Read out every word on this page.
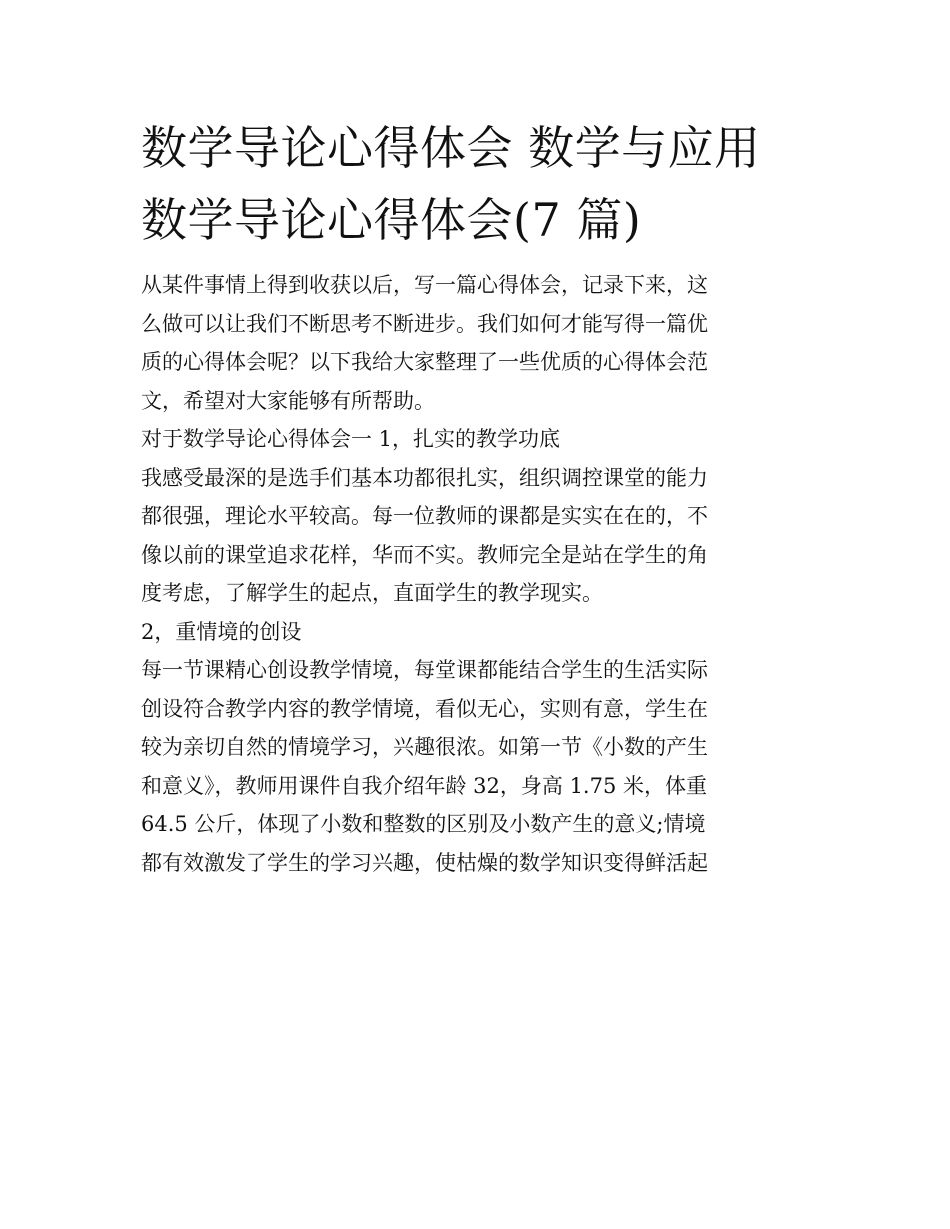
数学导论心得体会 数学与应用
数学导论心得体会(7 篇)

从某件事情上得到收获以后，写一篇心得体会，记录下来，这
么做可以让我们不断思考不断进步。我们如何才能写得一篇优
质的心得体会呢？以下我给大家整理了一些优质的心得体会范
文，希望对大家能够有所帮助。

对于数学导论心得体会一 1，扎实的教学功底

我感受最深的是选手们基本功都很扎实，组织调控课堂的能力
都很强，理论水平较高。每一位教师的课都是实实在在的，不
像以前的课堂追求花样，华而不实。教师完全是站在学生的角
度考虑，了解学生的起点，直面学生的教学现实。

2，重情境的创设

每一节课精心创设教学情境，每堂课都能结合学生的生活实际
创设符合教学内容的教学情境，看似无心，实则有意，学生在
较为亲切自然的情境学习，兴趣很浓。如第一节《小数的产生
和意义》，教师用课件自我介绍年龄 32，身高 1.75 米，体重
64.5 公斤，体现了小数和整数的区别及小数产生的意义;情境
都有效激发了学生的学习兴趣，使枯燥的数学知识变得鲜活起
